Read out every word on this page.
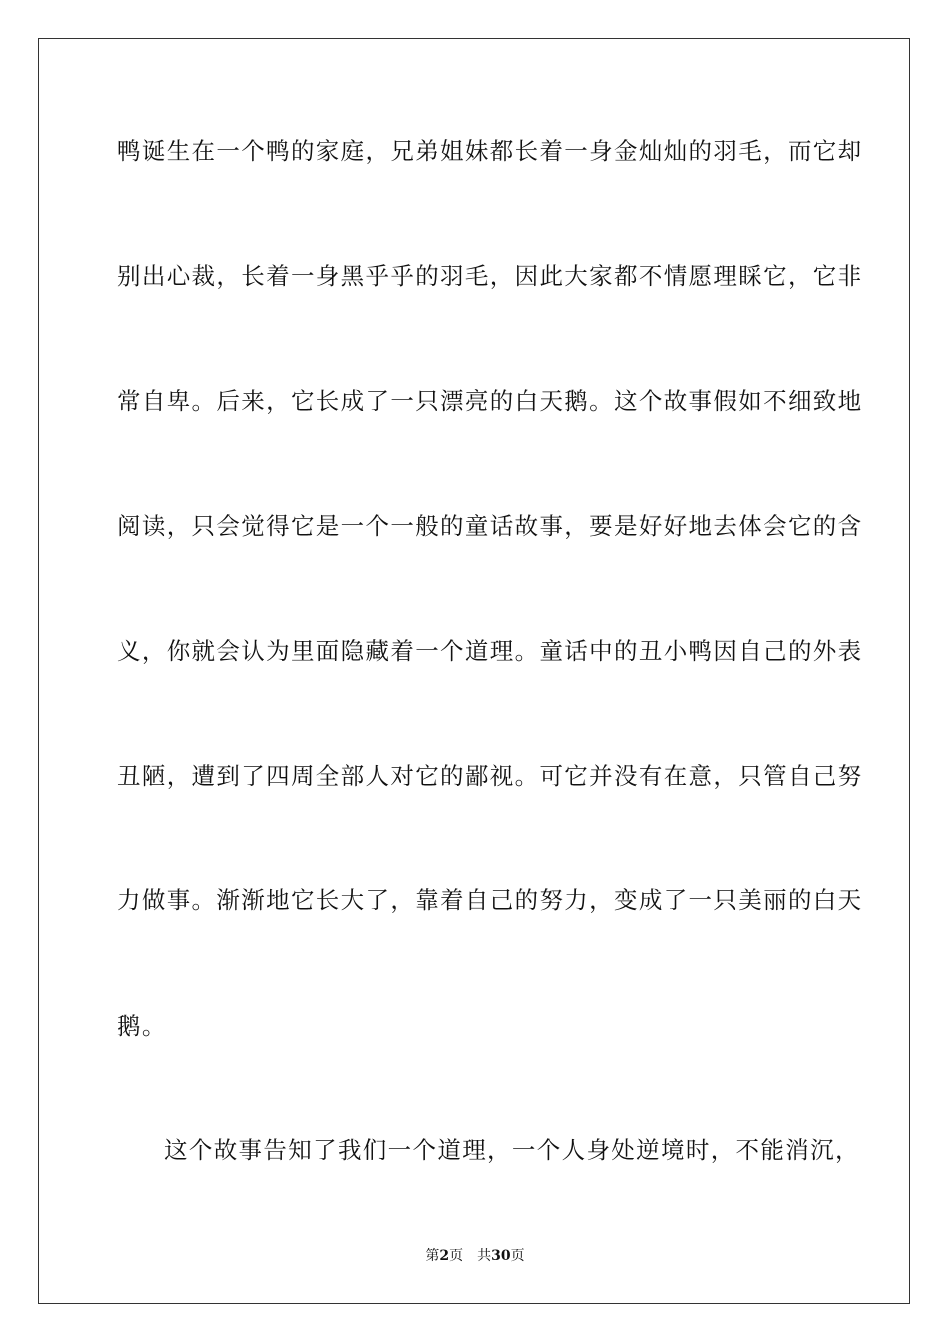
鸭诞生在一个鸭的家庭，兄弟姐妹都长着一身金灿灿的羽毛，而它却
别出心裁，长着一身黑乎乎的羽毛，因此大家都不情愿理睬它，它非
常自卑。后来，它长成了一只漂亮的白天鹅。这个故事假如不细致地
阅读，只会觉得它是一个一般的童话故事，要是好好地去体会它的含
义，你就会认为里面隐藏着一个道理。童话中的丑小鸭因自己的外表
丑陋，遭到了四周全部人对它的鄙视。可它并没有在意，只管自己努
力做事。渐渐地它长大了，靠着自己的努力，变成了一只美丽的白天
鹅。
这个故事告知了我们一个道理，一个人身处逆境时，不能消沉，
第2页 共30页
